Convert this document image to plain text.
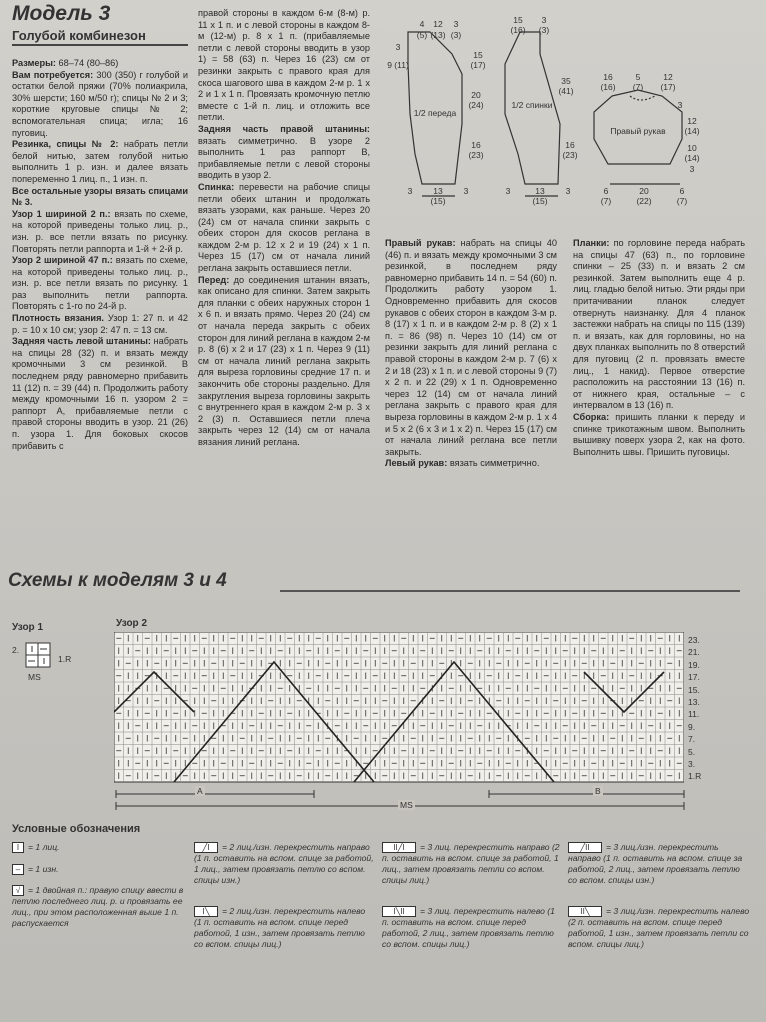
Модель 3
Голубой комбинезон

Размеры: 68–74 (80–86)

Вам потребуется: 300 (350) г голубой и остатки белой пряжи (70% полиакрила, 30% шерсти; 160 м/50 г); спицы № 2 и 3; короткие круговые спицы № 2; вспомогательная спица; игла; 16 пуговиц.

Резинка, спицы № 2: набрать петли белой нитью, затем голубой нитью выполнить 1 р. изн. и далее вязать попеременно 1 лиц. п., 1 изн. п.

Все остальные узоры вязать спицами № 3.

Узор 1 шириной 2 п.: вязать по схеме, на которой приведены только лиц. р., изн. р. все петли вязать по рисунку. Повторять петли раппорта и 1-й + 2-й р.

Узор 2 шириной 47 п.: вязать по схеме, на которой приведены только лиц. р., изн. р. все петли вязать по рисунку. 1 раз выполнить петли раппорта. Повторять с 1-го по 24-й р.

Плотность вязания. Узор 1: 27 п. и 42 р. = 10 x 10 см; узор 2: 47 п. = 13 см.

Задняя часть левой штанины: набрать на спицы 28 (32) п. и вязать между кромочными 3 см резинкой. В последнем ряду равномерно прибавить 11 (12) п. = 39 (44) п. Продолжить работу между кромочными 16 п. узором 2 = раппорт А, прибавляемые петли с правой стороны вводить в узор. 21 (26) п. узора 1. Для боковых скосов прибавить с

правой стороны в каждом 6-м (8-м) р. 11 x 1 п. и с левой стороны в каждом 8-м (12-м) р. 8 x 1 п. (прибавляемые петли с левой стороны вводить в узор 1) = 58 (63) п. Через 16 (23) см от резинки закрыть с правого края для скоса шагового шва в каждом 2-м р. 1 x 2 и 1 x 1 п. Провязать кромочную петлю вместе с 1-й п. лиц. и отложить все петли.

Задняя часть правой штанины: вязать симметрично. В узоре 2 выполнить 1 раз раппорт В, прибавляемые петли с левой стороны вводить в узор 2.

Спинка: перевести на рабочие спицы петли обеих штанин и продолжать вязать узорами, как раньше. Через 20 (24) см от начала спинки закрыть с обеих сторон для скосов реглана в каждом 2-м р. 12 x 2 и 19 (24) x 1 п. Через 15 (17) см от начала линий реглана закрыть оставшиеся петли.

Перед: до соединения штанин вязать, как описано для спинки. Затем закрыть для планки с обеих наружных сторон 1 x 6 п. и вязать прямо. Через 20 (24) см от начала переда закрыть с обеих сторон для линий реглана в каждом 2-м р. 8 (6) x 2 и 17 (23) x 1 п. Через 9 (11) см от начала линий реглана закрыть для выреза горловины средние 17 п. и закончить обе стороны раздельно. Для закругления выреза горловины закрыть с внутреннего края в каждом 2-м р. 3 x 2 (3) п. Оставшиеся петли плеча закрыть через 12 (14) см от начала вязания линий реглана.

Правый рукав: набрать на спицы 40 (46) п. и вязать между кромочными 3 см резинкой, в последнем ряду равномерно прибавить 14 п. = 54 (60) п. Продолжить работу узором 1. Одновременно прибавить для скосов рукавов с обеих сторон в каждом 3-м р. 8 (17) x 1 п. и в каждом 2-м р. 8 (2) x 1 п. = 86 (98) п. Через 10 (14) см от резинки закрыть для линий реглана с правой стороны в каждом 2-м р. 7 (6) x 2 и 18 (23) x 1 п. и с левой стороны 9 (7) x 2 п. и 22 (29) x 1 п. Одновременно через 12 (14) см от начала линий реглана закрыть с правого края для выреза горловины в каждом 2-м р. 1 x 4 и 5 x 2 (6 x 3 и 1 x 2) п. Через 15 (17) см от начала линий реглана все петли закрыть.

Левый рукав: вязать симметрично.

Планки: по горловине переда набрать на спицы 47 (63) п., по горловине спинки – 25 (33) п. и вязать 2 см резинкой. Затем выполнить еще 4 р. лиц. гладью белой нитью. Эти ряды при притачивании планок следует отвернуть наизнанку. Для 4 планок застежки набрать на спицы по 115 (139) п. и вязать, как для горловины, но на двух планках выполнить по 8 отверстий для пуговиц (2 п. провязать вместе лиц., 1 накид). Первое отверстие расположить на расстоянии 13 (16) п. от нижнего края, остальные – с интервалом в 13 (16) п.

Сборка: пришить планки к переду и спинке трикотажным швом. Выполнить вышивку поверх узора 2, как на фото. Выполнить швы. Пришить пуговицы.

1/2 переда
1/2 спинки
Правый рукав
4 12
(5) (13)
3
(3)
3
9 (11)
15
(17)
20
(24)
16
(23)
3 13
(15)
3
15
(16)
3
(3)
35
(41)
16
(23)
3	13
(15)
3
16
(16)
5
(7)
12
(17)
3
12
(14)
10
(14)
3
6
(7)
20
(22)
6
(7)
Схемы к моделям 3 и 4
Узор 1	Узор 2
2.
1.R
MS
23.
21.
19.
17.
15.
13.
11.
9.
7.
5.
3.
1.R
A	B
MS
Условные обозначения
I = 1 лиц.
– = 1 изн.
√ = 1 двойная п.: правую спицу ввести в петлю последнего лиц. р. и провязать ее лиц., при этом расположенная выше 1 п. распускается
╱I = 2 лиц./изн. перекрестить направо (1 п. оставить на вспом. спице за работой, 1 лиц., затем провязать петлю со вспом. спицы изн.)
I╲ = 2 лиц./изн. перекрестить налево (1 п. оставить на вспом. спице перед работой, 1 изн., затем провязать петлю со вспом. спицы лиц.)
II╱I = 3 лиц. перекрестить направо (2 п. оставить на вспом. спице за работой, 1 лиц., затем провязать петли со вспом. спицы лиц.)
I╲II = 3 лиц. перекрестить налево (1 п. оставить на вспом. спице перед работой, 2 лиц., затем провязать петлю со вспом. спицы лиц.)
╱II = 3 лиц./изн. перекрестить направо (1 п. оставить на вспом. спице за работой, 2 лиц., затем провязать петлю со вспом. спицы изн.)
II╲ = 3 лиц./изн. перекрестить налево (2 п. оставить на вспом. спице перед работой, 1 изн., затем провязать петли со вспом. спицы лиц.)
